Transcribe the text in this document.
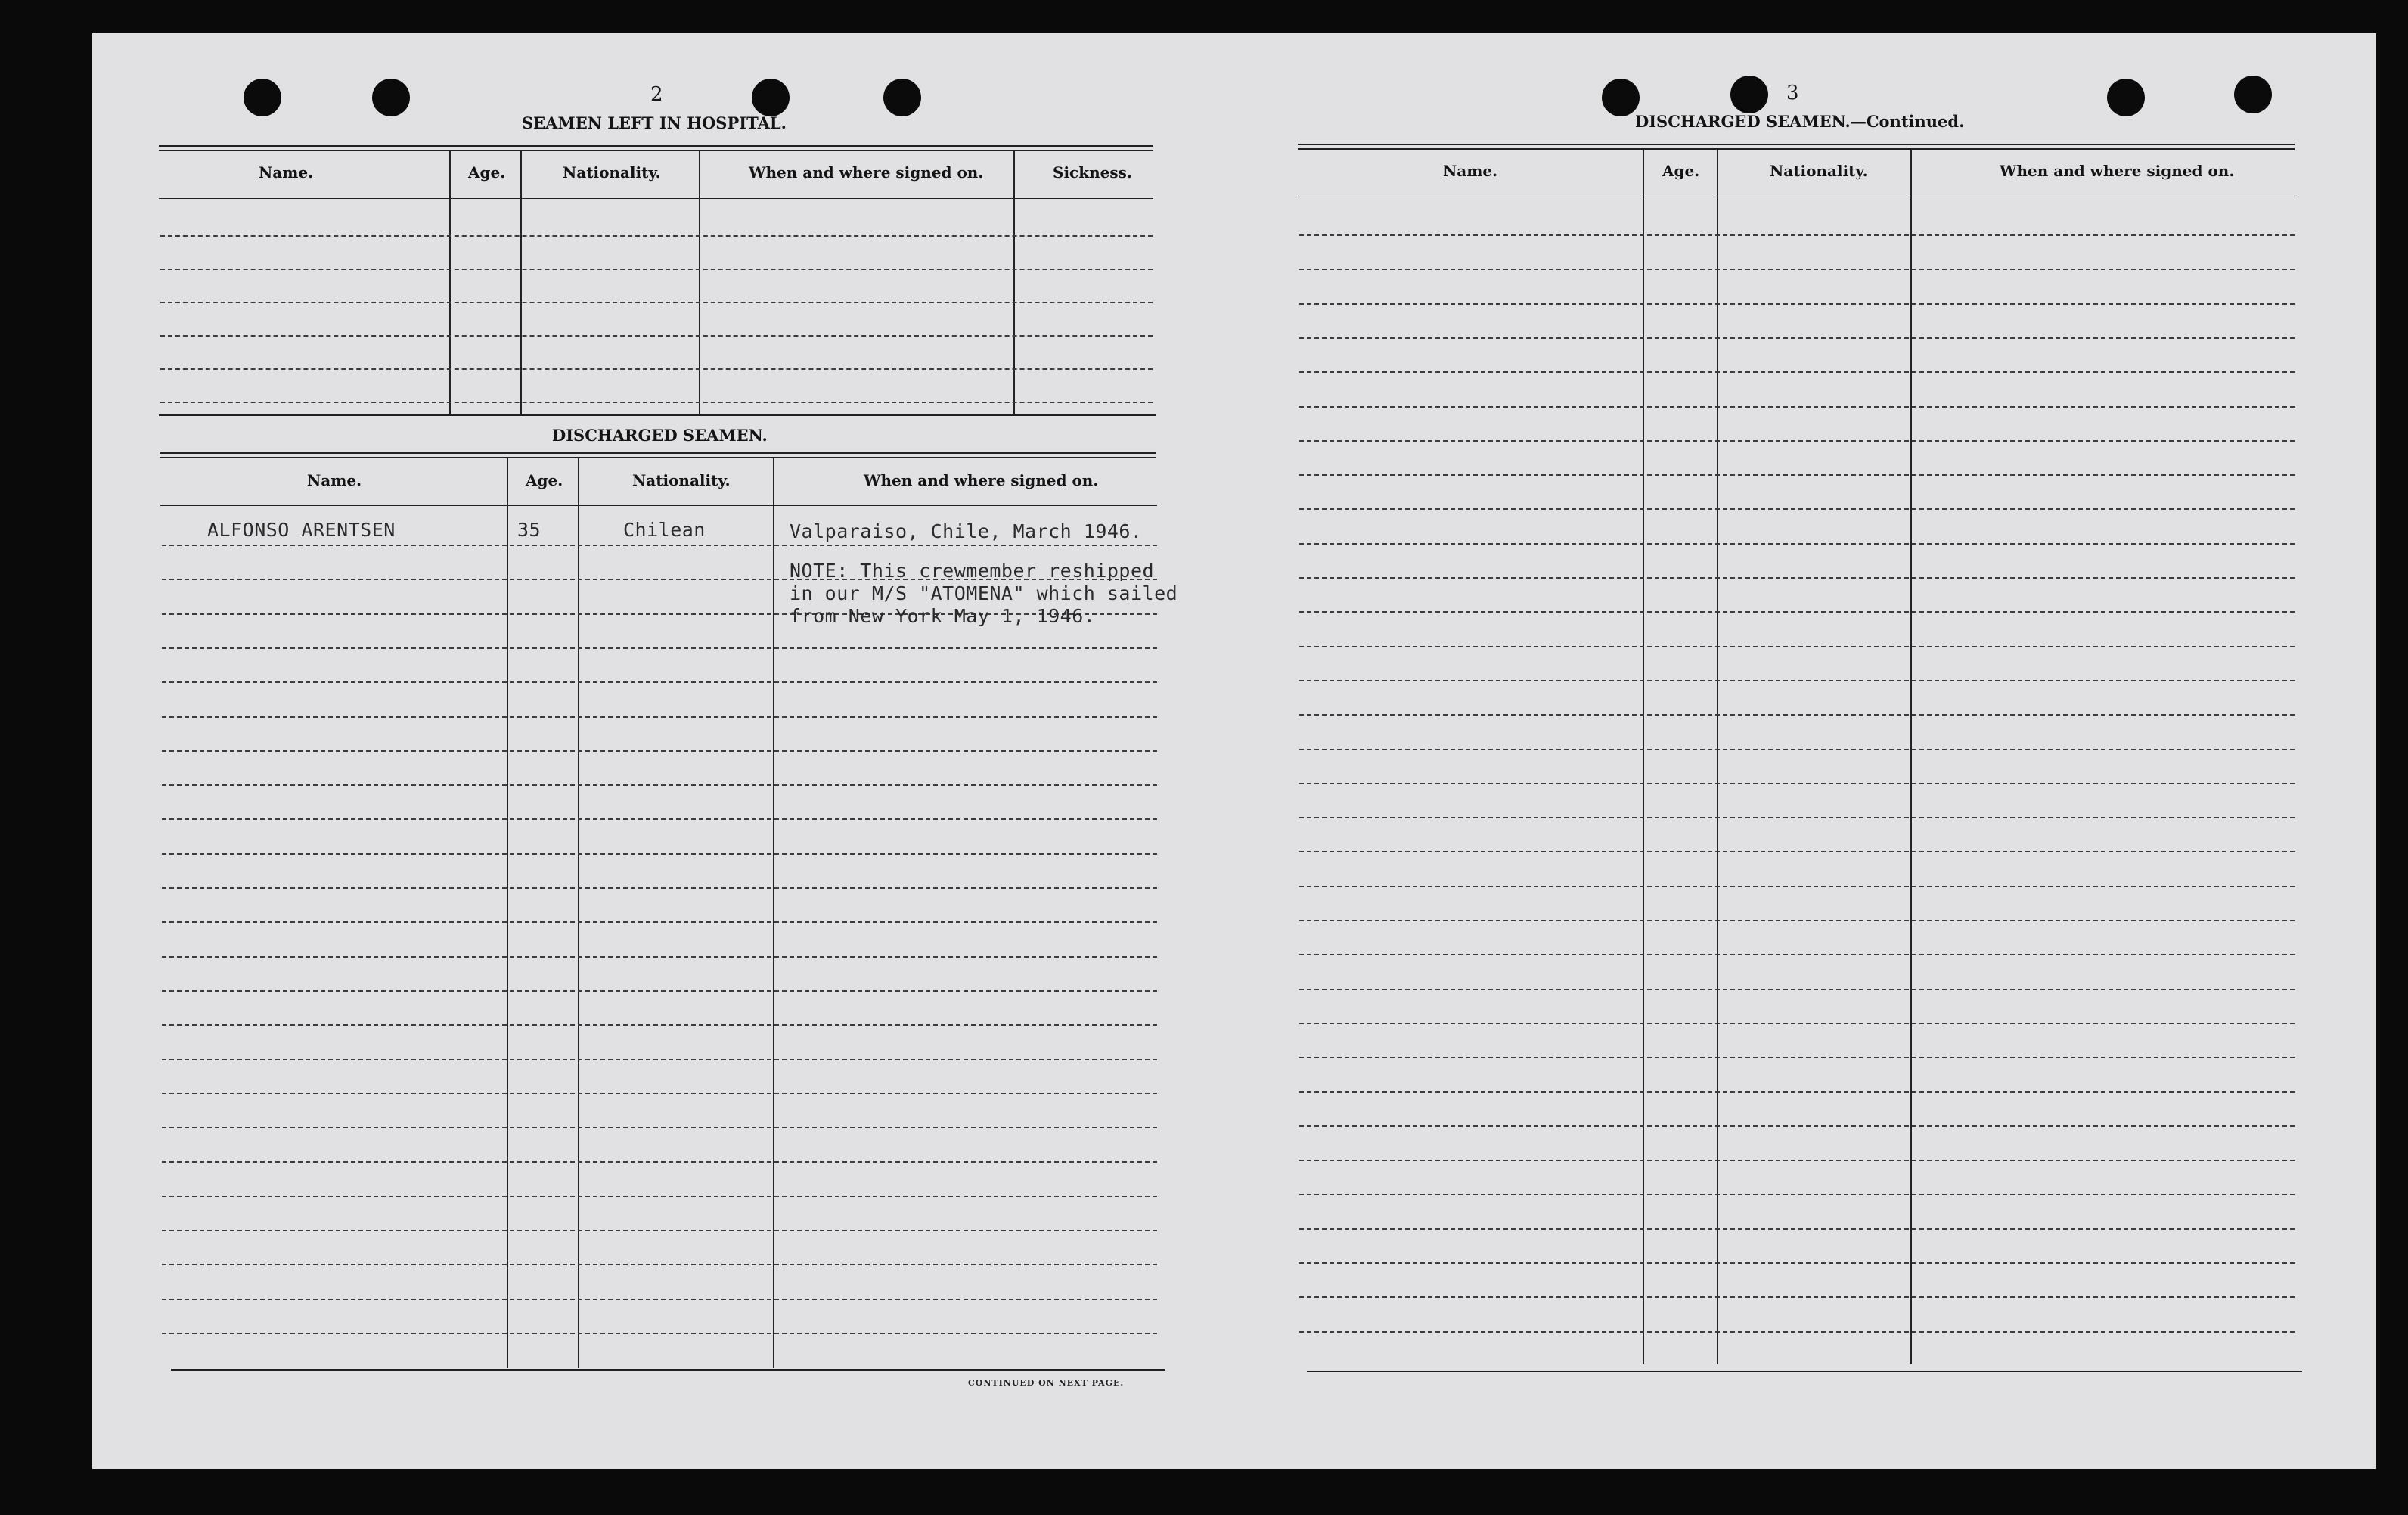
2
SEAMEN LEFT IN HOSPITAL.
Name.	Age.	Nationality.	When and where signed on.	Sickness.
DISCHARGED SEAMEN.
Name.	Age.	Nationality.	When and where signed on.
ALFONSO ARENTSEN	35	Chilean	Valparaiso, Chile, March 1946.
NOTE: This crewmember reshipped
in our M/S "ATOMENA" which sailed
from New York May 1, 1946.
CONTINUED ON NEXT PAGE.
3
DISCHARGED SEAMEN.—Continued.
Name.	Age.	Nationality.	When and where signed on.
